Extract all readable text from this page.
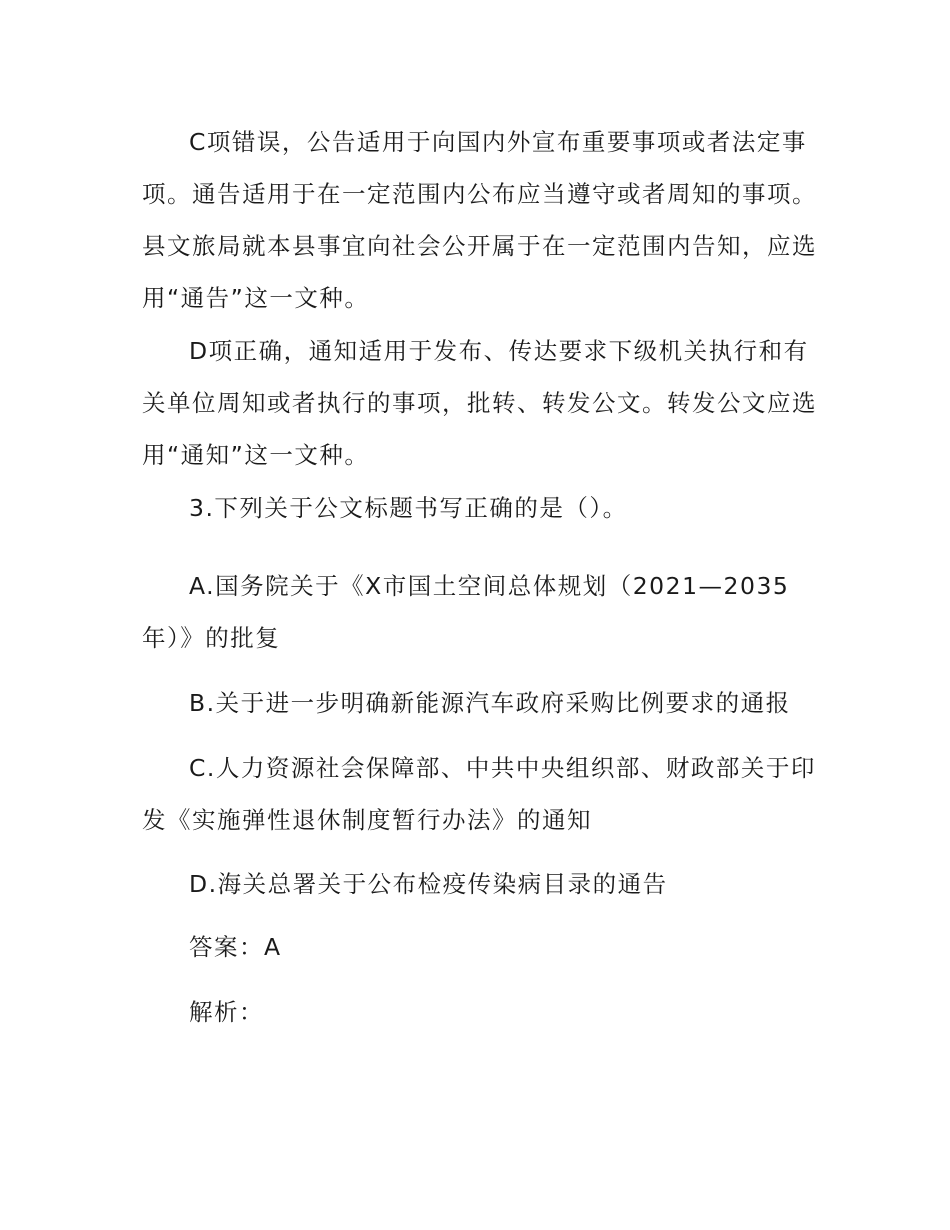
C项错误，公告适用于向国内外宣布重要事项或者法定事项。通告适用于在一定范围内公布应当遵守或者周知的事项。县文旅局就本县事宜向社会公开属于在一定范围内告知，应选用“通告”这一文种。

D项正确，通知适用于发布、传达要求下级机关执行和有关单位周知或者执行的事项，批转、转发公文。转发公文应选用“通知”这一文种。

3.下列关于公文标题书写正确的是（）。

A.国务院关于《X市国土空间总体规划（2021—2035年）》的批复

B.关于进一步明确新能源汽车政府采购比例要求的通报

C.人力资源社会保障部、中共中央组织部、财政部关于印发《实施弹性退休制度暂行办法》的通知

D.海关总署关于公布检疫传染病目录的通告

答案：A

解析：
